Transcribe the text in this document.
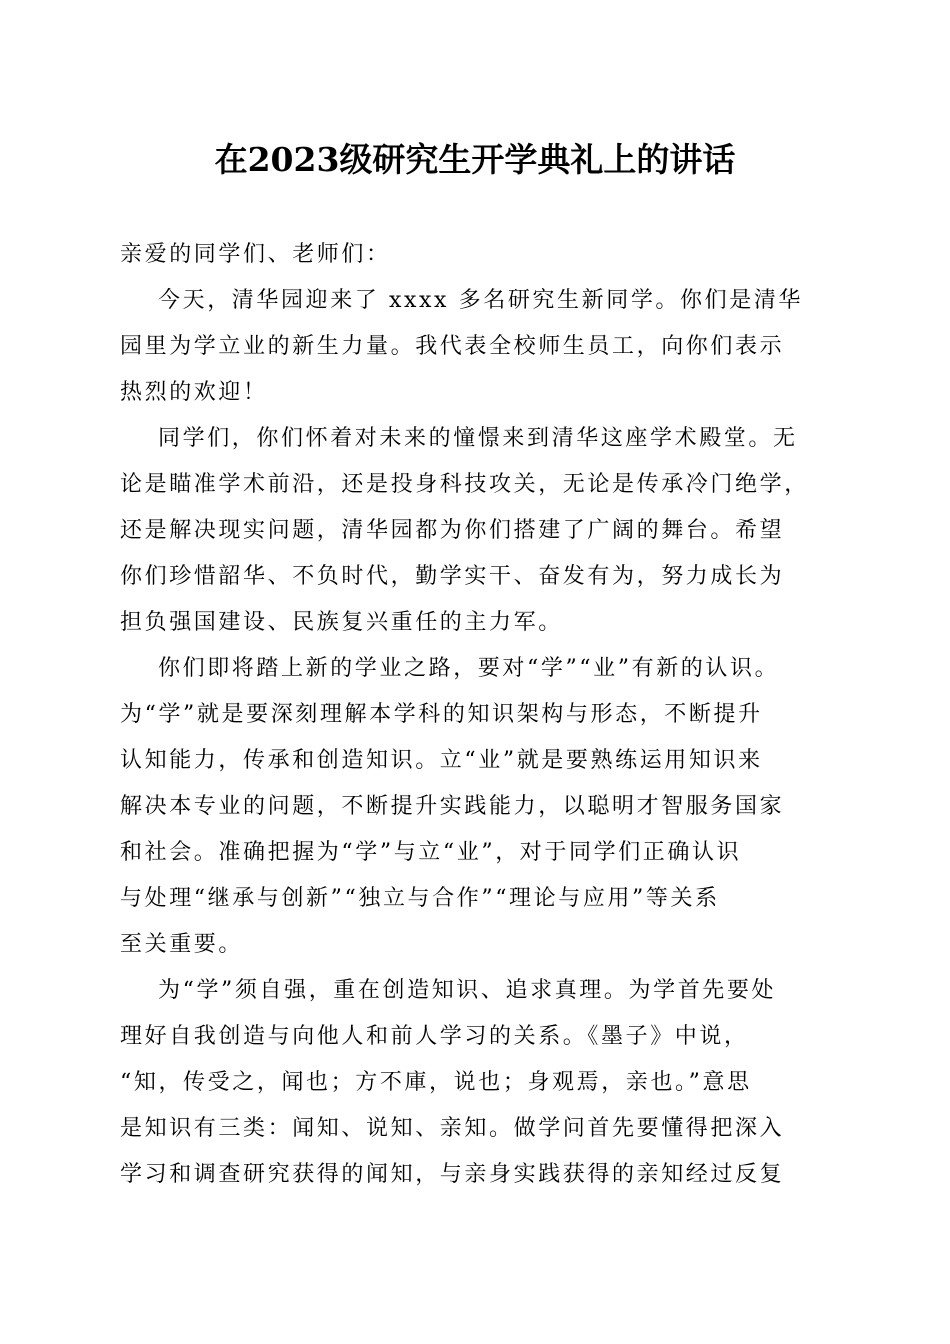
在2023级研究生开学典礼上的讲话
亲爱的同学们、老师们：
今天，清华园迎来了 xxxx 多名研究生新同学。你们是清华
园里为学立业的新生力量。我代表全校师生员工，向你们表示
热烈的欢迎！
同学们，你们怀着对未来的憧憬来到清华这座学术殿堂。无
论是瞄准学术前沿，还是投身科技攻关，无论是传承冷门绝学，
还是解决现实问题，清华园都为你们搭建了广阔的舞台。希望
你们珍惜韶华、不负时代，勤学实干、奋发有为，努力成长为
担负强国建设、民族复兴重任的主力军。
你们即将踏上新的学业之路，要对“学”“业”有新的认识。
为“学”就是要深刻理解本学科的知识架构与形态，不断提升
认知能力，传承和创造知识。立“业”就是要熟练运用知识来
解决本专业的问题，不断提升实践能力，以聪明才智服务国家
和社会。准确把握为“学”与立“业”，对于同学们正确认识
与处理“继承与创新”“独立与合作”“理论与应用”等关系
至关重要。
为“学”须自强，重在创造知识、追求真理。为学首先要处
理好自我创造与向他人和前人学习的关系。《墨子》中说，
“知，传受之，闻也；方不庫，说也；身观焉，亲也。”意思
是知识有三类：闻知、说知、亲知。做学问首先要懂得把深入
学习和调查研究获得的闻知，与亲身实践获得的亲知经过反复
